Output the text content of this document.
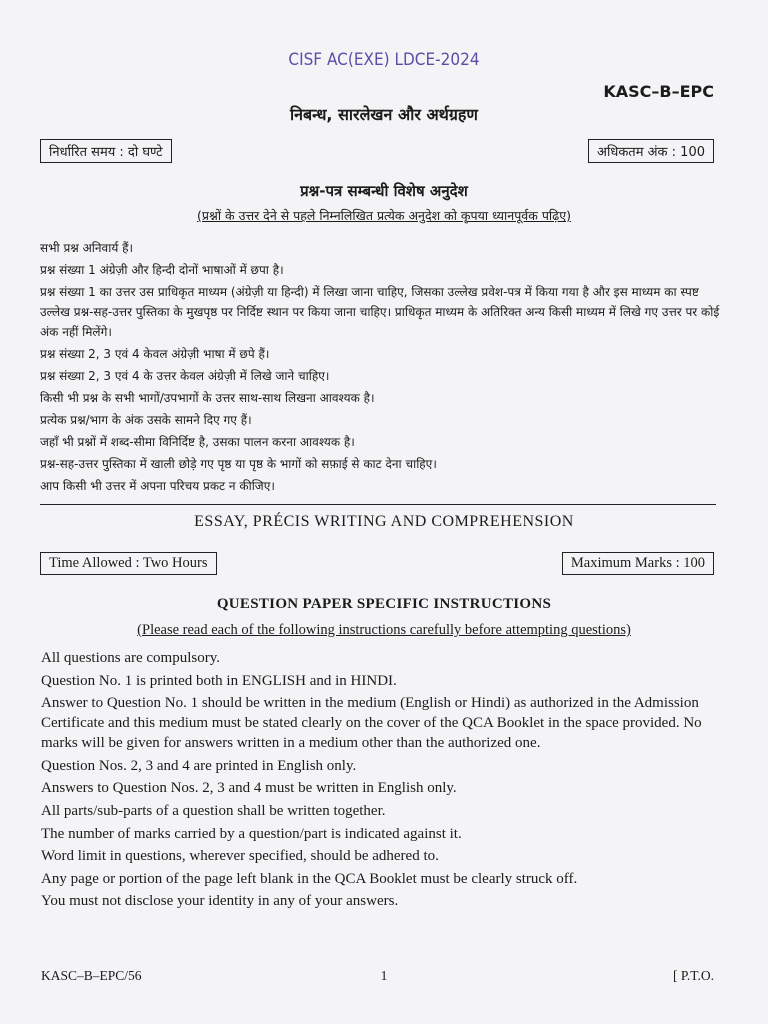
CISF AC(EXE) LDCE-2024
KASC–B–EPC
निबन्ध, सारलेखन और अर्थग्रहण
निर्धारित समय : दो घण्टे	अधिकतम अंक : 100
प्रश्न-पत्र सम्बन्धी विशेष अनुदेश
(प्रश्नों के उत्तर देने से पहले निम्नलिखित प्रत्येक अनुदेश को कृपया ध्यानपूर्वक पढ़िए)
सभी प्रश्न अनिवार्य हैं।
प्रश्न संख्या 1 अंग्रेज़ी और हिन्दी दोनों भाषाओं में छपा है।
प्रश्न संख्या 1 का उत्तर उस प्राधिकृत माध्यम (अंग्रेज़ी या हिन्दी) में लिखा जाना चाहिए, जिसका उल्लेख प्रवेश-पत्र में किया गया है और इस माध्यम का स्पष्ट उल्लेख प्रश्न-सह-उत्तर पुस्तिका के मुखपृष्ठ पर निर्दिष्ट स्थान पर किया जाना चाहिए। प्राधिकृत माध्यम के अतिरिक्त अन्य किसी माध्यम में लिखे गए उत्तर पर कोई अंक नहीं मिलेंगे।
प्रश्न संख्या 2, 3 एवं 4 केवल अंग्रेज़ी भाषा में छपे हैं।
प्रश्न संख्या 2, 3 एवं 4 के उत्तर केवल अंग्रेज़ी में लिखे जाने चाहिए।
किसी भी प्रश्न के सभी भागों/उपभागों के उत्तर साथ-साथ लिखना आवश्यक है।
प्रत्येक प्रश्न/भाग के अंक उसके सामने दिए गए हैं।
जहाँ भी प्रश्नों में शब्द-सीमा विनिर्दिष्ट है, उसका पालन करना आवश्यक है।
प्रश्न-सह-उत्तर पुस्तिका में खाली छोड़े गए पृष्ठ या पृष्ठ के भागों को सफ़ाई से काट देना चाहिए।
आप किसी भी उत्तर में अपना परिचय प्रकट न कीजिए।
ESSAY, PRÉCIS WRITING AND COMPREHENSION
Time Allowed : Two Hours	Maximum Marks : 100
QUESTION PAPER SPECIFIC INSTRUCTIONS
(Please read each of the following instructions carefully before attempting questions)
All questions are compulsory.
Question No. 1 is printed both in ENGLISH and in HINDI.
Answer to Question No. 1 should be written in the medium (English or Hindi) as authorized in the Admission Certificate and this medium must be stated clearly on the cover of the QCA Booklet in the space provided. No marks will be given for answers written in a medium other than the authorized one.
Question Nos. 2, 3 and 4 are printed in English only.
Answers to Question Nos. 2, 3 and 4 must be written in English only.
All parts/sub-parts of a question shall be written together.
The number of marks carried by a question/part is indicated against it.
Word limit in questions, wherever specified, should be adhered to.
Any page or portion of the page left blank in the QCA Booklet must be clearly struck off.
You must not disclose your identity in any of your answers.
KASC–B–EPC/56	1	[ P.T.O.
